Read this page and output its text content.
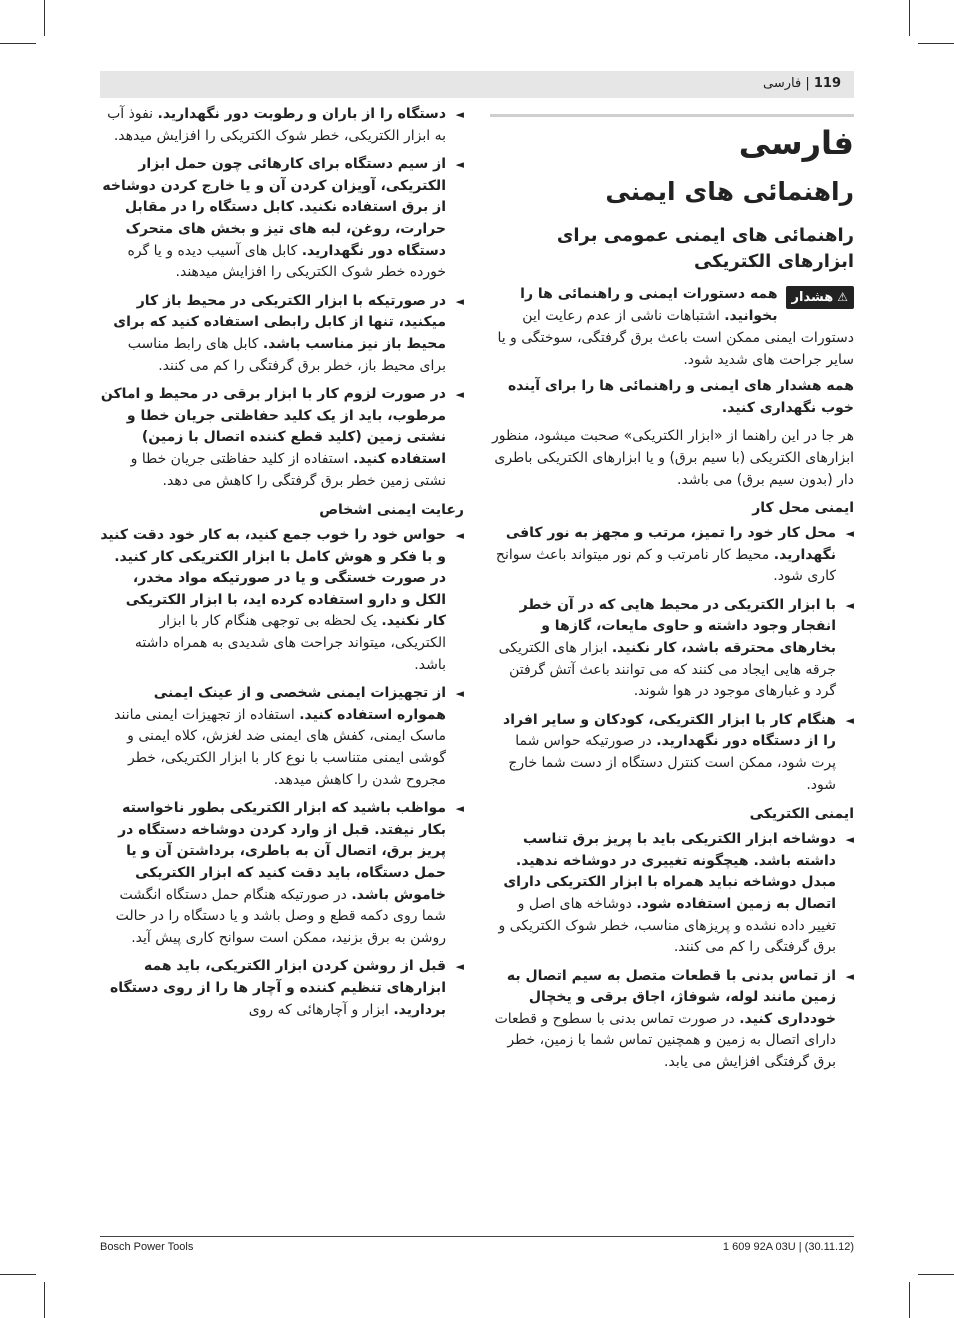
119 | فارسی
فارسی
راهنمائی های ایمنی
راهنمائی های ایمنی عمومی برای ابزارهای الکتریکی
⚠هشدار

همه دستورات ایمنی و راهنمائی ها را بخوانید. اشتباهات ناشی از عدم رعایت این دستورات ایمنی ممکن است باعث برق گرفتگی، سوختگی و یا سایر جراحت های شدید شود.

همه هشدار های ایمنی و راهنمائی ها را برای آینده خوب نگهداری کنید.

هر جا در این راهنما از «ابزار الکتریکی» صحبت میشود، منظور ابزارهای الکتریکی (با سیم برق) و یا ابزارهای الکتریکی باطری دار (بدون سیم برق) می باشد.

ایمنی محل کار
◄
محل کار خود را تمیز، مرتب و مجهز به نور کافی نگهدارید. محیط کار نامرتب و کم نور میتواند باعث سوانح کاری شود.
◄
با ابزار الکتریکی در محیط هایی که در آن خطر انفجار وجود داشته و حاوی مایعات، گازها و بخارهای محترقه باشد، کار نکنید. ابزار های الکتریکی جرقه هایی ایجاد می کنند که می توانند باعث آتش گرفتن گرد و غبارهای موجود در هوا شوند.
◄
هنگام کار با ابزار الکتریکی، کودکان و سایر افراد را از دستگاه دور نگهدارید. در صورتیکه حواس شما پرت شود، ممکن است کنترل دستگاه از دست شما خارج شود.
ایمنی الکتریکی
◄
دوشاخه ابزار الکتریکی باید با پریز برق تناسب داشته باشد. هیچگونه تغییری در دوشاخه ندهید. مبدل دوشاخه نباید همراه با ابزار الکتریکی دارای اتصال به زمین استفاده شود. دوشاخه های اصل و تغییر داده نشده و پریزهای مناسب، خطر شوک الکتریکی و برق گرفتگی را کم می کنند.
◄
از تماس بدنی با قطعات متصل به سیم اتصال به زمین مانند لوله، شوفاژ، اجاق برقی و یخچال خودداری کنید. در صورت تماس بدنی با سطوح و قطعات دارای اتصال به زمین و همچنین تماس شما با زمین، خطر برق گرفتگی افزایش می یابد.
◄
دستگاه را از باران و رطوبت دور نگهدارید. نفوذ آب به ابزار الکتریکی، خطر شوک الکتریکی را افزایش میدهد.
◄
از سیم دستگاه برای کارهائی چون حمل ابزار الکتریکی، آویزان کردن آن و یا خارج کردن دوشاخه از برق استفاده نکنید. کابل دستگاه را در مقابل حرارت، روغن، لبه های تیز و بخش های متحرک دستگاه دور نگهدارید. کابل های آسیب دیده و یا گره خورده خطر شوک الکتریکی را افزایش میدهند.
◄
در صورتیکه با ابزار الکتریکی در محیط باز کار میکنید، تنها از کابل رابطی استفاده کنید که برای محیط باز نیز مناسب باشد. کابل های رابط مناسب برای محیط باز، خطر برق گرفتگی را کم می کنند.
◄
در صورت لزوم کار با ابزار برقی در محیط و اماکن مرطوب، باید از یک کلید حفاظتی جریان خطا و نشتی زمین (کلید قطع کننده اتصال با زمین) استفاده کنید. استفاده از کلید حفاظتی جریان خطا و نشتی زمین خطر برق گرفتگی را کاهش می دهد.
رعایت ایمنی اشخاص
◄
حواس خود را خوب جمع کنید، به کار خود دقت کنید و با فکر و هوش کامل با ابزار الکتریکی کار کنید. در صورت خستگی و یا در صورتیکه مواد مخدر، الکل و دارو استفاده کرده اید، با ابزار الکتریکی کار نکنید. یک لحظه بی توجهی هنگام کار با ابزار الکتریکی، میتواند جراحت های شدیدی به همراه داشته باشد.
◄
از تجهیزات ایمنی شخصی و از عینک ایمنی همواره استفاده کنید. استفاده از تجهیزات ایمنی مانند ماسک ایمنی، کفش های ایمنی ضد لغزش، کلاه ایمنی و گوشی ایمنی متناسب با نوع کار با ابزار الکتریکی، خطر مجروح شدن را کاهش میدهد.
◄
مواظب باشید که ابزار الکتریکی بطور ناخواسته بکار نیفتد. قبل از وارد کردن دوشاخه دستگاه در پریز برق، اتصال آن به باطری، برداشتن آن و یا حمل دستگاه، باید دقت کنید که ابزار الکتریکی خاموش باشد. در صورتیکه هنگام حمل دستگاه انگشت شما روی دکمه قطع و وصل باشد و یا دستگاه را در حالت روشن به برق بزنید، ممکن است سوانح کاری پیش آید.
◄
قبل از روشن کردن ابزار الکتریکی، باید همه ابزارهای تنظیم کننده و آچار ها را از روی دستگاه بردارید. ابزار و آچارهائی که روی
Bosch Power Tools	1 609 92A 03U | (30.11.12)
